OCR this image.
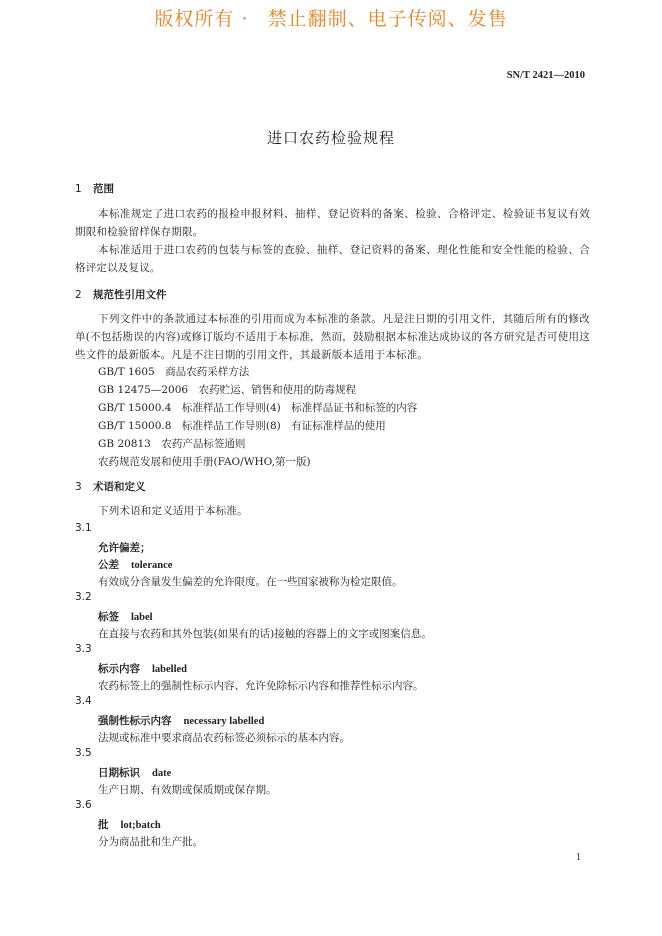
版权所有 · 禁止翻制、电子传阅、发售
SN/T 2421—2010
进口农药检验规程
1 范围
本标准规定了进口农药的报检申报材料、抽样、登记资料的备案、检验、合格评定、检验证书复议有效期限和检验留样保存期限。
本标准适用于进口农药的包装与标签的查验、抽样、登记资料的备案、理化性能和安全性能的检验、合格评定以及复议。
2 规范性引用文件
下列文件中的条款通过本标准的引用而成为本标准的条款。凡是注日期的引用文件，其随后所有的修改单(不包括勘误的内容)或修订版均不适用于本标准，然而，鼓励根据本标准达成协议的各方研究是否可使用这些文件的最新版本。凡是不注日期的引用文件，其最新版本适用于本标准。
GB/T 1605　商品农药采样方法
GB 12475—2006　农药贮运、销售和使用的防毒规程
GB/T 15000.4　标准样品工作导则(4)　标准样品证书和标签的内容
GB/T 15000.8　标准样品工作导则(8)　有证标准样品的使用
GB 20813　农药产品标签通则
农药规范发展和使用手册(FAO/WHO,第一版)
3 术语和定义
下列术语和定义适用于本标准。
3.1
允许偏差；
公差 tolerance
有效成分含量发生偏差的允许限度。在一些国家被称为检定限值。
3.2
标签 label
在直接与农药和其外包装(如果有的话)接触的容器上的文字或图案信息。
3.3
标示内容 labelled
农药标签上的强制性标示内容、允许免除标示内容和推荐性标示内容。
3.4
强制性标示内容 necessary labelled
法规或标准中要求商品农药标签必须标示的基本内容。
3.5
日期标识 date
生产日期、有效期或保质期或保存期。
3.6
批 lot;batch
分为商品批和生产批。
1
